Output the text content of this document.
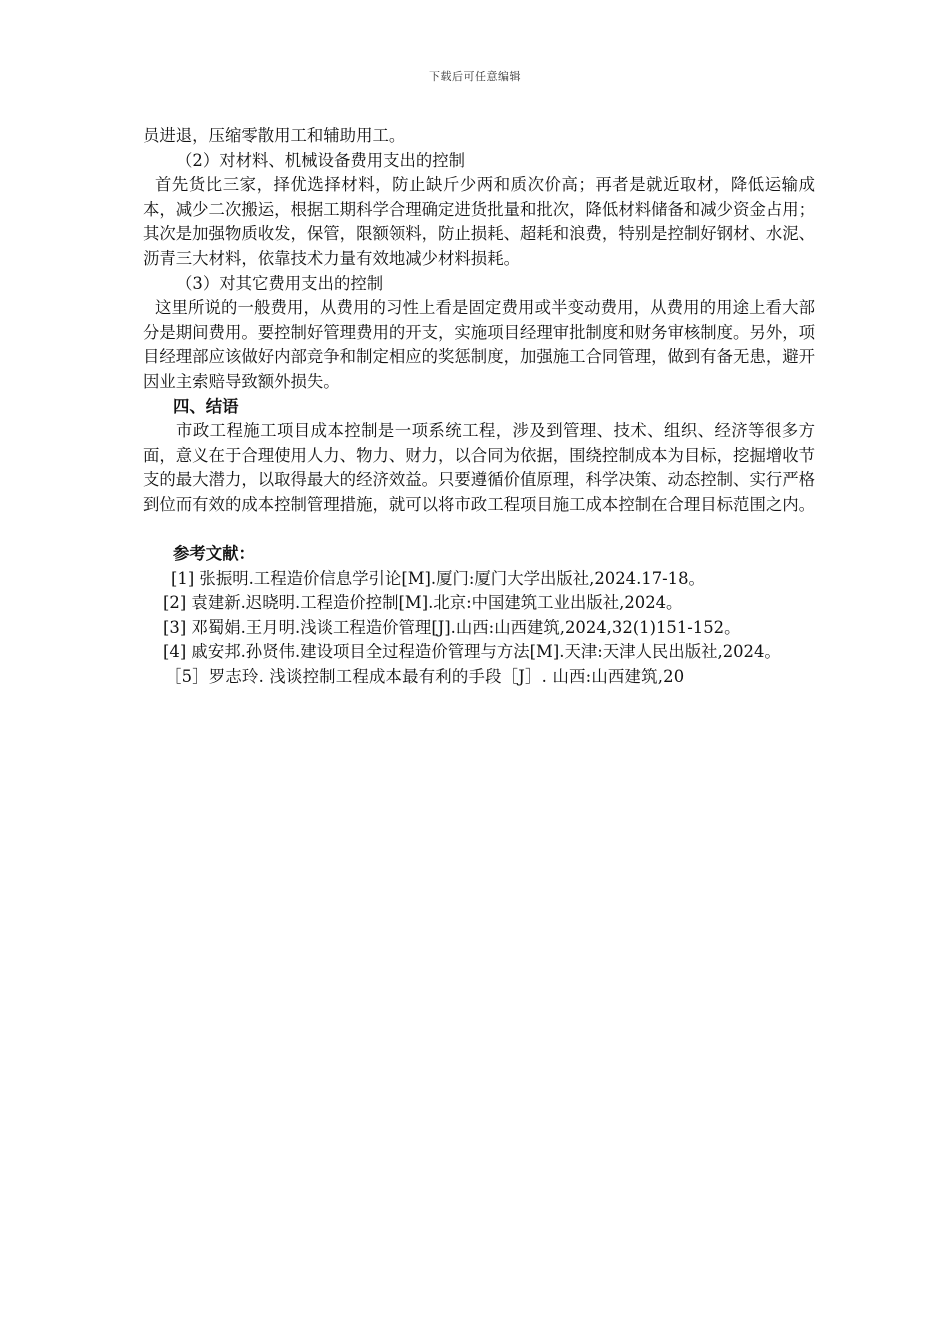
下载后可任意编辑

员进退，压缩零散用工和辅助用工。

（2）对材料、机械设备费用支出的控制

首先货比三家，择优选择材料，防止缺斤少两和质次价高；再者是就近取材，降低运输成本，减少二次搬运，根据工期科学合理确定进货批量和批次，降低材料储备和减少资金占用；其次是加强物质收发，保管，限额领料，防止损耗、超耗和浪费，特别是控制好钢材、水泥、沥青三大材料，依靠技术力量有效地减少材料损耗。

（3）对其它费用支出的控制

这里所说的一般费用，从费用的习性上看是固定费用或半变动费用，从费用的用途上看大部分是期间费用。要控制好管理费用的开支，实施项目经理审批制度和财务审核制度。另外，项目经理部应该做好内部竞争和制定相应的奖惩制度，加强施工合同管理，做到有备无患，避开因业主索赔导致额外损失。

四、结语

市政工程施工项目成本控制是一项系统工程，涉及到管理、技术、组织、经济等很多方面，意义在于合理使用人力、物力、财力，以合同为依据，围绕控制成本为目标，挖掘增收节支的最大潜力，以取得最大的经济效益。只要遵循价值原理，科学决策、动态控制、实行严格到位而有效的成本控制管理措施，就可以将市政工程项目施工成本控制在合理目标范围之内。

参考文献：

[1] 张振明.工程造价信息学引论[M].厦门:厦门大学出版社,2024.17-18。

[2] 袁建新.迟晓明.工程造价控制[M].北京:中国建筑工业出版社,2024。

[3] 邓蜀娟.王月明.浅谈工程造价管理[J].山西:山西建筑,2024,32(1)151-152。

[4] 戚安邦.孙贤伟.建设项目全过程造价管理与方法[M].天津:天津人民出版社,2024。

［5］罗志玲. 浅谈控制工程成本最有利的手段［J］. 山西:山西建筑,20
